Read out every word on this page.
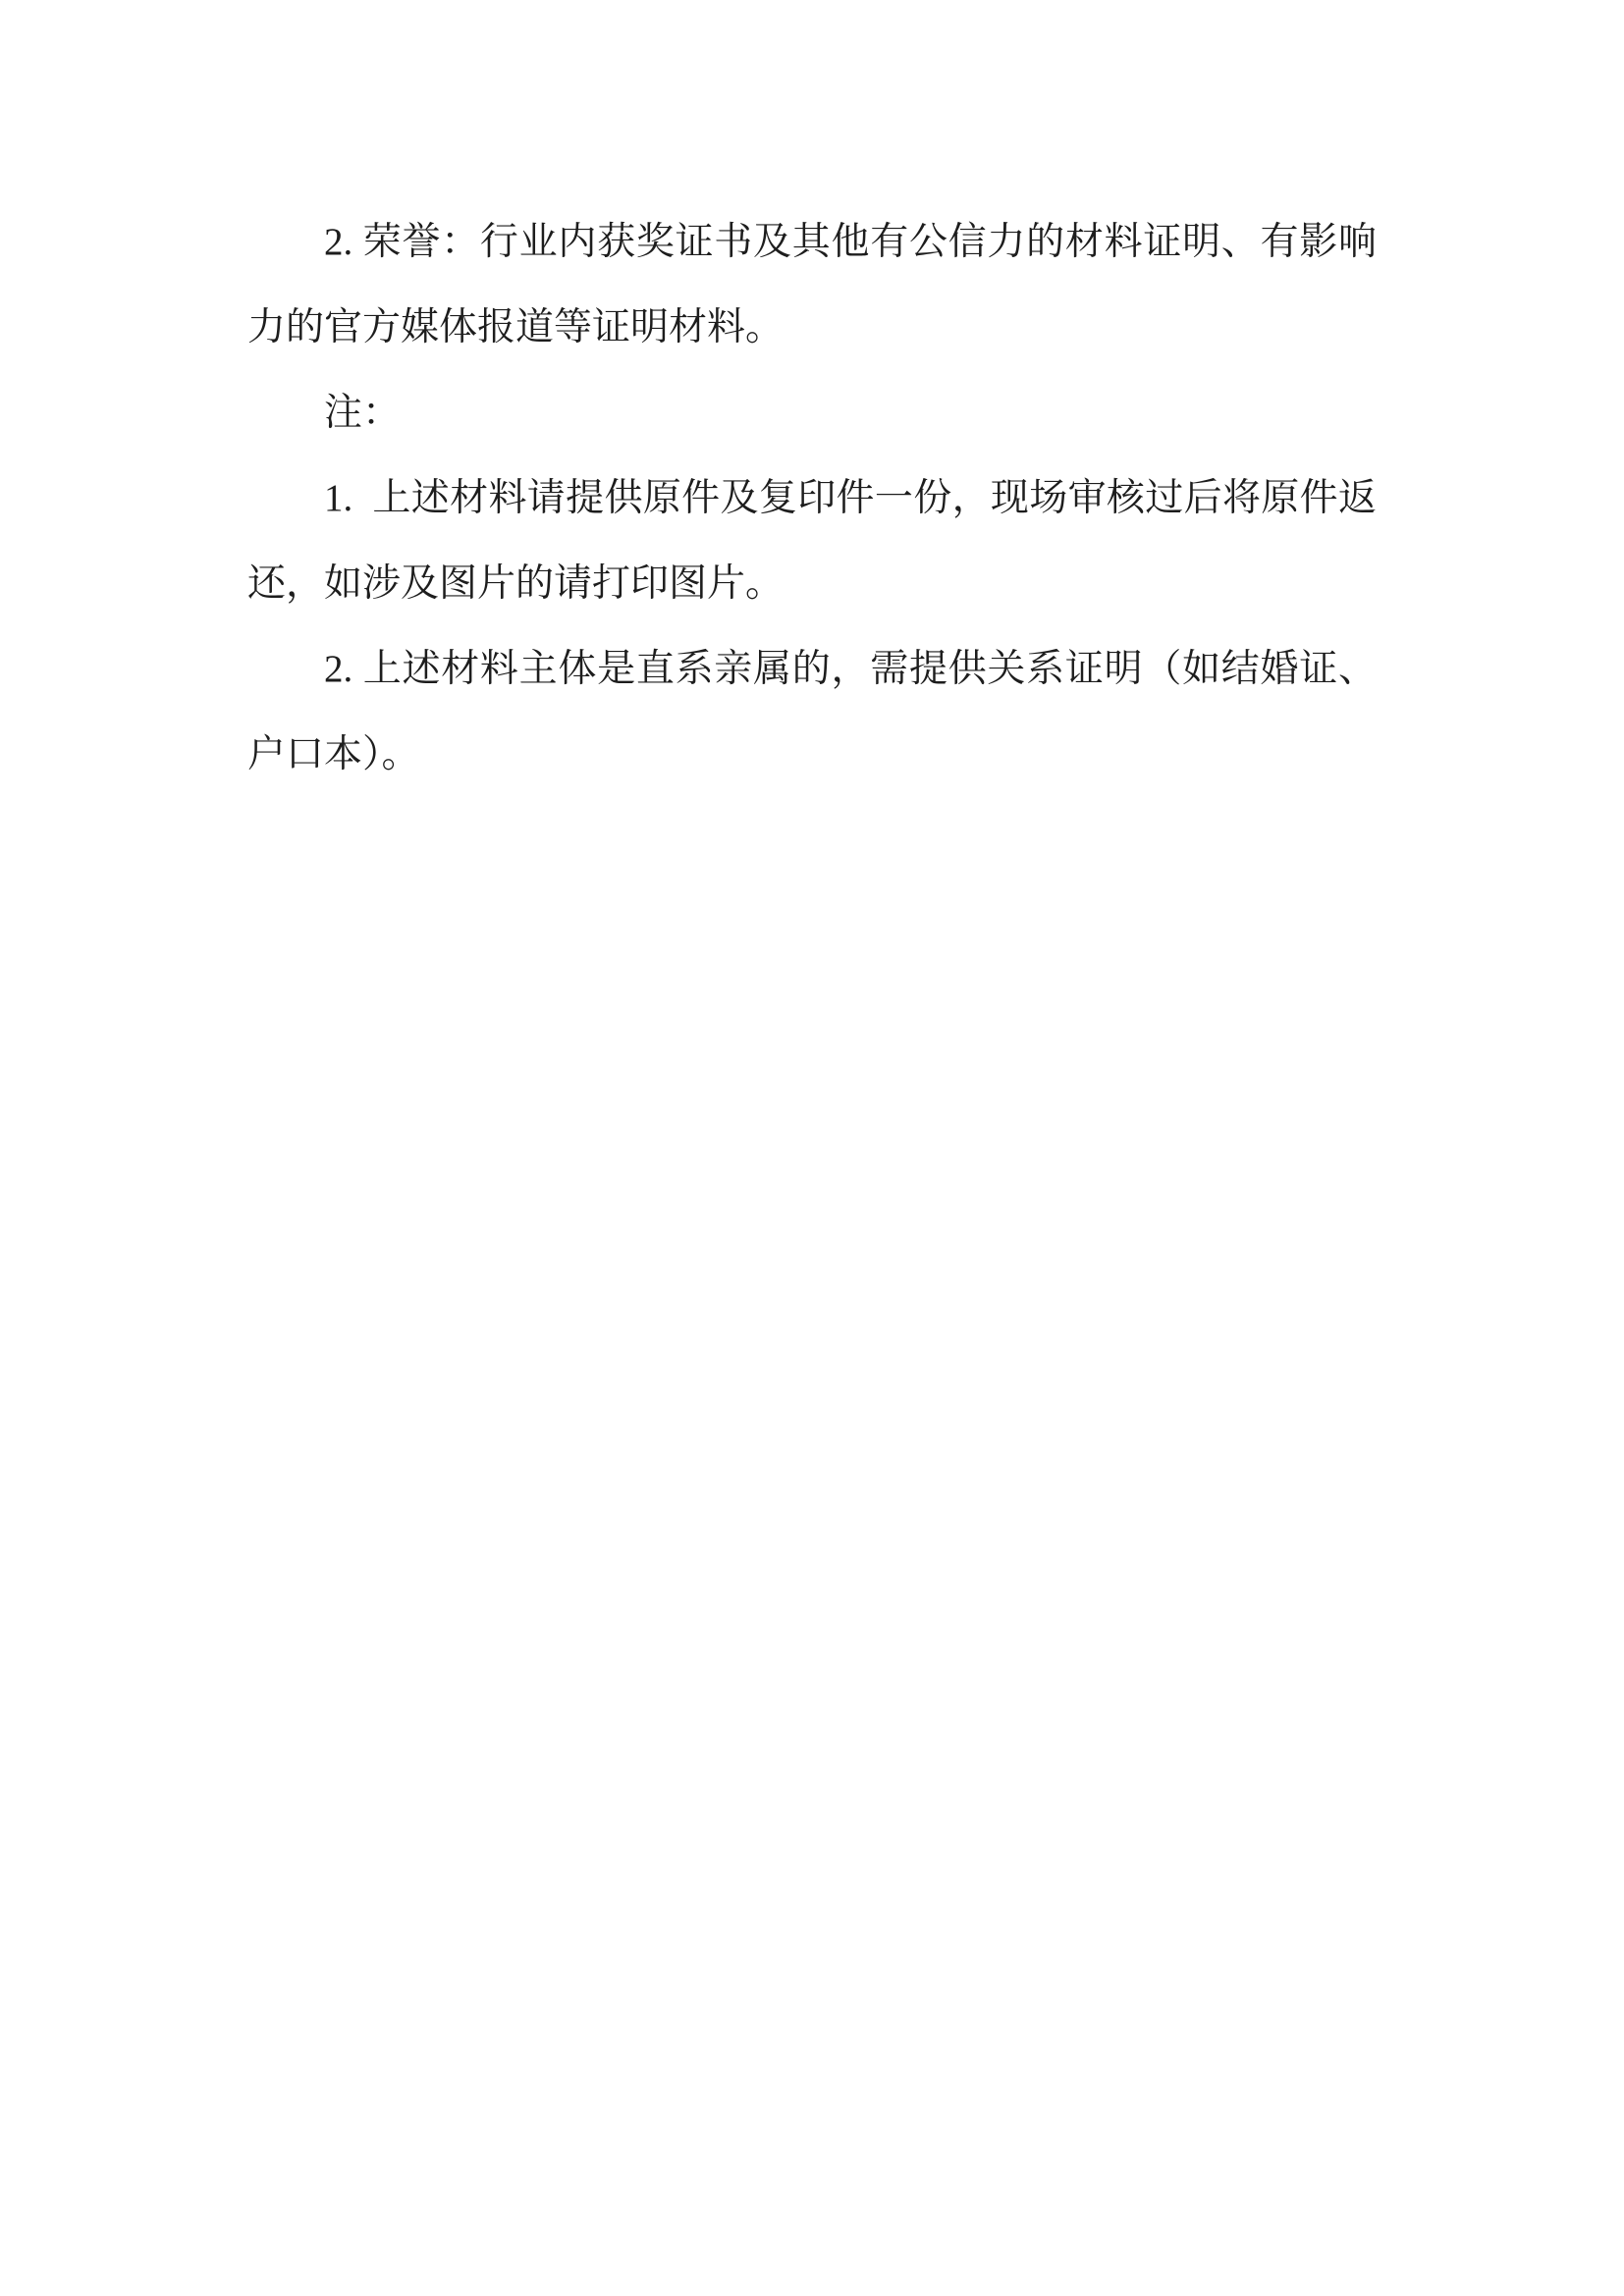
2. 荣誉：行业内获奖证书及其他有公信力的材料证明、有影响力的官方媒体报道等证明材料。

注：

1.  上述材料请提供原件及复印件一份，现场审核过后将原件返还，如涉及图片的请打印图片。

2. 上述材料主体是直系亲属的，需提供关系证明（如结婚证、户口本）。
